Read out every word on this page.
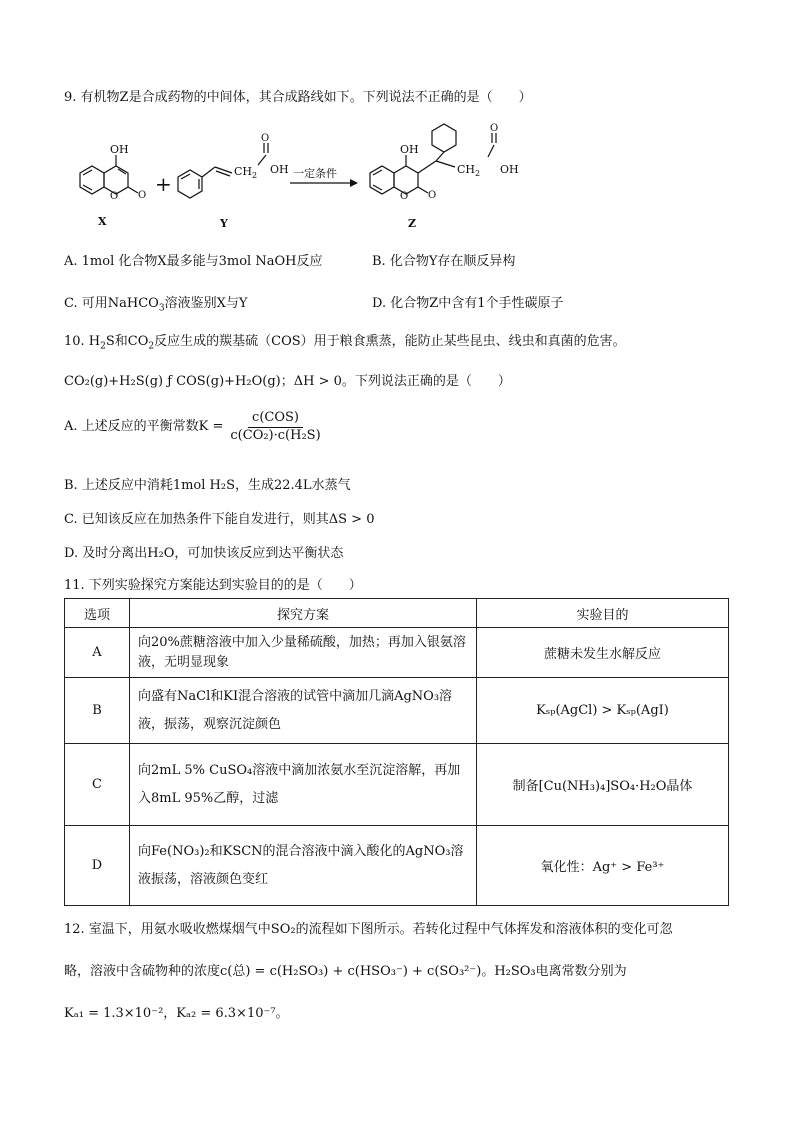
9. 有机物Z是合成药物的中间体，其合成路线如下。下列说法不正确的是（　　）
OH
O O
X
+
$CH_2$
O
OH
Y
一定条件
OH
O O
$CH_2$
O
OH
Z
A. 1mol 化合物X最多能与3mol NaOH反应	B. 化合物Y存在顺反异构
C. 可用NaHCO$_3$溶液鉴别X与Y	D. 化合物Z中含有1个手性碳原子
10. $H_2S$和$CO_2$反应生成的羰基硫（COS）用于粮食熏蒸，能防止某些昆虫、线虫和真菌的危害。
CO₂(g)+H₂S(g) ƒ COS(g)+H₂O(g)；ΔH > 0。下列说法正确的是（　　）
A. 上述反应的平衡常数$K = \frac{\text{c(COS)}}{\text{c(CO₂)·c(H₂S)}}$
B. 上述反应中消耗1mol H₂S，生成22.4L水蒸气
C. 已知该反应在加热条件下能自发进行，则其ΔS > 0
D. 及时分离出H₂O，可加快该反应到达平衡状态
11. 下列实验探究方案能达到实验目的的是（　　）
选项	探究方案	实验目的
A	向20%蔗糖溶液中加入少量稀硫酸，加热；再加入银氨溶液，无明显现象	蔗糖未发生水解反应
B	向盛有NaCl和KI混合溶液的试管中滴加几滴AgNO₃溶液，振荡，观察沉淀颜色	Kₛₚ(AgCl) > Kₛₚ(AgI)
C	向2mL 5% CuSO₄溶液中滴加浓氨水至沉淀溶解，再加入8mL 95%乙醇，过滤	制备[Cu(NH₃)₄]SO₄·H₂O晶体
D	向Fe(NO₃)₂和KSCN的混合溶液中滴入酸化的AgNO₃溶液振荡，溶液颜色变红	氧化性：Ag⁺ > Fe³⁺
12. 室温下，用氨水吸收燃煤烟气中SO₂的流程如下图所示。若转化过程中气体挥发和溶液体积的变化可忽
略，溶液中含硫物种的浓度c(总) = c(H₂SO₃) + c(HSO₃⁻) + c(SO₃²⁻)。H₂SO₃电离常数分别为
Kₐ₁ = 1.3×10⁻²，Kₐ₂ = 6.3×10⁻⁷。
